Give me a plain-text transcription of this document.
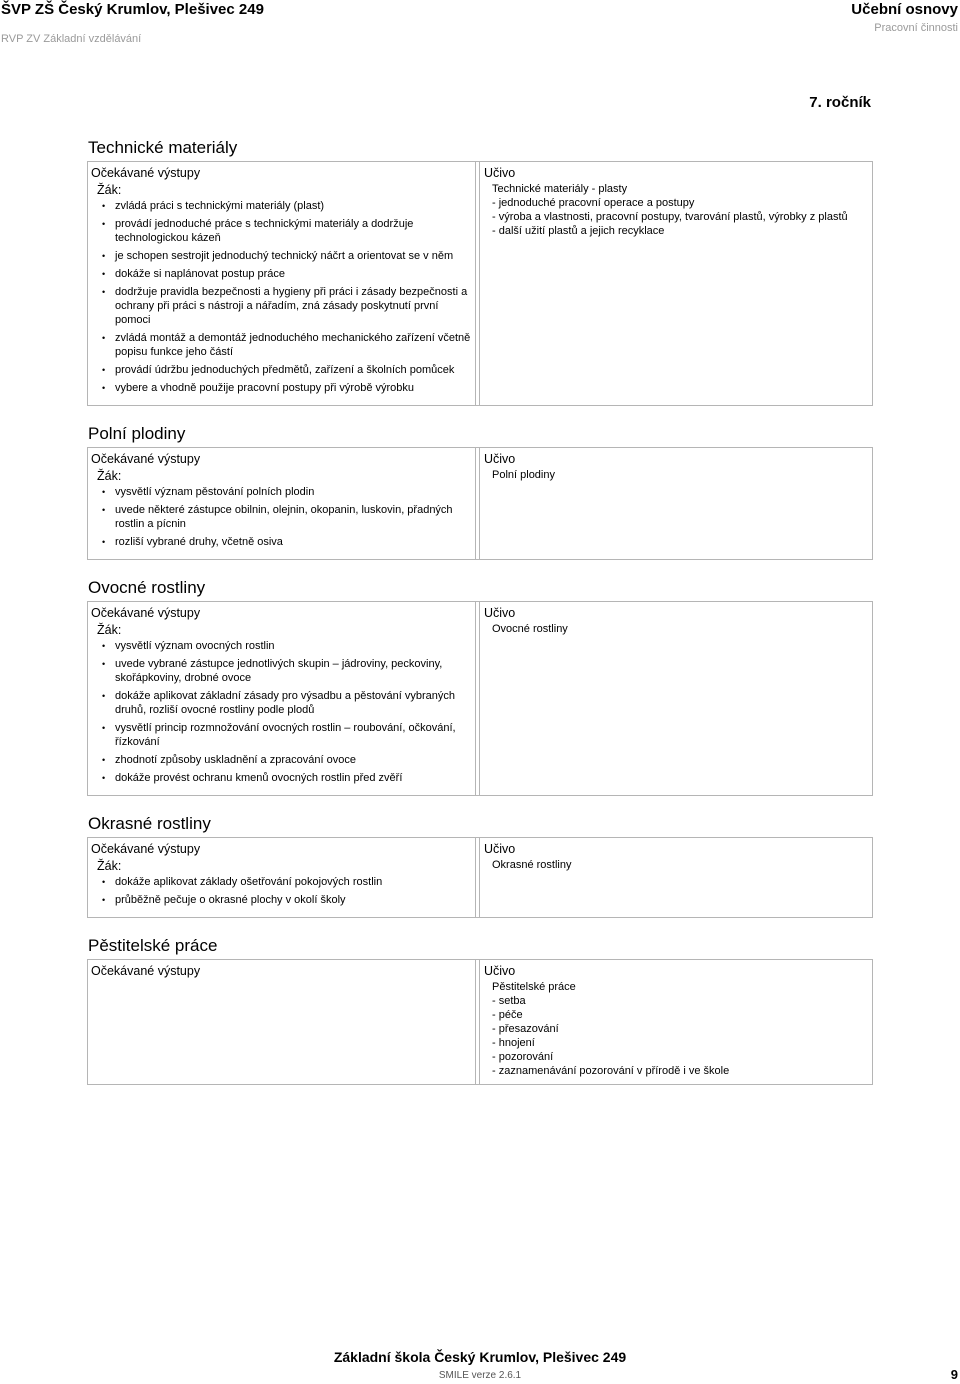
ŠVP ZŠ Český Krumlov, Plešivec 249
RVP ZV Základní vzdělávání
Učební osnovy
Pracovní činnosti
7. ročník
Technické materiály
Očekávané výstupy
Žák:
• zvládá práci s technickými materiály (plast)
• provádí jednoduché práce s technickými materiály a dodržuje technologickou kázeň
• je schopen sestrojit jednoduchý technický náčrt a orientovat se v něm
• dokáže si naplánovat postup práce
• dodržuje pravidla bezpečnosti a hygieny při práci i zásady bezpečnosti a ochrany při práci s nástroji a nářadím, zná zásady poskytnutí první pomoci
• zvládá montáž a demontáž jednoduchého mechanického zařízení včetně popisu funkce jeho částí
• provádí údržbu jednoduchých předmětů, zařízení a školních pomůcek
• vybere a vhodně použije pracovní postupy při výrobě výrobku
Učivo
Technické materiály - plasty
- jednoduché pracovní operace a postupy
- výroba a vlastnosti, pracovní postupy, tvarování plastů, výrobky z plastů
- další užití plastů a jejich recyklace
Polní plodiny
Očekávané výstupy
Žák:
• vysvětlí význam pěstování polních plodin
• uvede některé zástupce obilnin, olejnin, okopanin, luskovin, přadných rostlin a pícnin
• rozliší vybrané druhy, včetně osiva
Učivo
Polní plodiny
Ovocné rostliny
Očekávané výstupy
Žák:
• vysvětlí význam ovocných rostlin
• uvede vybrané zástupce jednotlivých skupin – jádroviny, peckoviny, skořápkoviny, drobné ovoce
• dokáže aplikovat základní zásady pro výsadbu a pěstování vybraných druhů, rozliší ovocné rostliny podle plodů
• vysvětlí princip rozmnožování ovocných rostlin – roubování, očkování, řízkování
• zhodnotí způsoby uskladnění a zpracování ovoce
• dokáže provést ochranu kmenů ovocných rostlin před zvěří
Učivo
Ovocné rostliny
Okrasné rostliny
Očekávané výstupy
Žák:
• dokáže aplikovat základy ošetřování pokojových rostlin
• průběžně pečuje o okrasné plochy v okolí školy
Učivo
Okrasné rostliny
Pěstitelské práce
Očekávané výstupy	Učivo
Pěstitelské práce
- setba
- péče
- přesazování
- hnojení
- pozorování
- zaznamenávání pozorování v přírodě i ve škole
Základní škola Český Krumlov, Plešivec 249
SMILE verze 2.6.1	9
